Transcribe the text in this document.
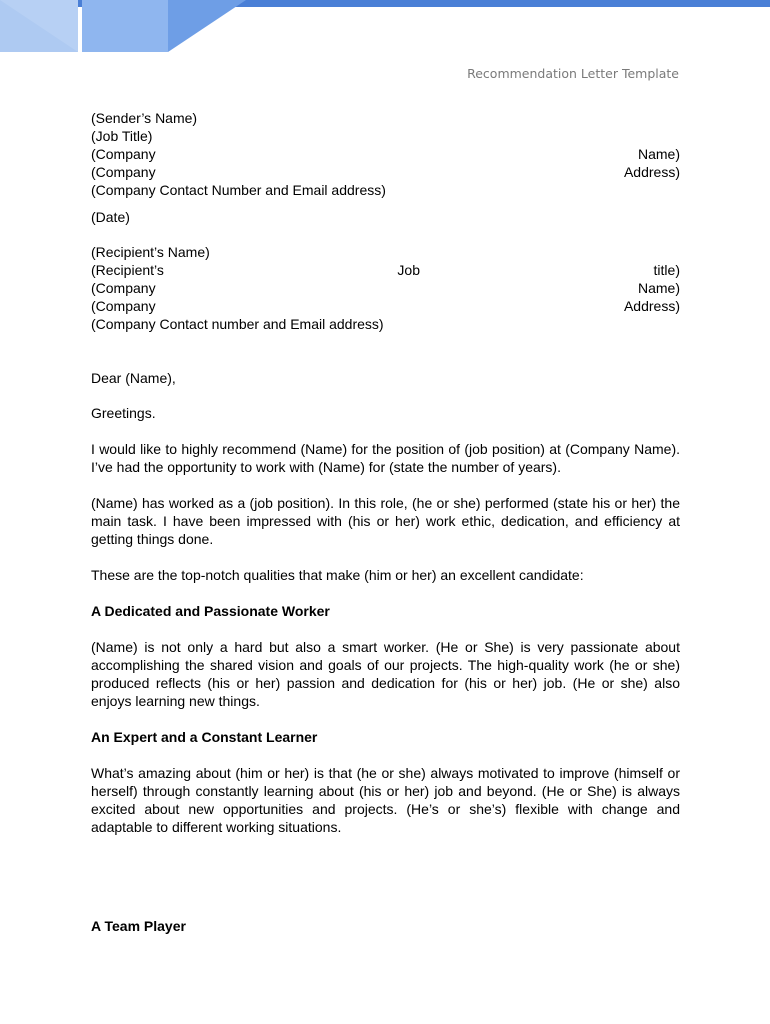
Recommendation Letter Template
(Sender’s Name)
(Job Title)
(Company	Name)
(Company	Address)
(Company Contact Number and Email address)
(Date)
(Recipient’s Name)
(Recipient’s	Job	title)
(Company	Name)
(Company	Address)
(Company Contact number and Email address)
Dear (Name),
Greetings.
I would like to highly recommend (Name) for the position of (job position) at (Company Name). I’ve had the opportunity to work with (Name) for (state the number of years).
(Name) has worked as a (job position). In this role, (he or she) performed (state his or her) the main task. I have been impressed with (his or her) work ethic, dedication, and efficiency at getting things done.
These are the top-notch qualities that make (him or her) an excellent candidate:
A Dedicated and Passionate Worker
(Name) is not only a hard but also a smart worker. (He or She) is very passionate about accomplishing the shared vision and goals of our projects. The high-quality work (he or she) produced reflects (his or her) passion and dedication for (his or her) job. (He or she) also enjoys learning new things.
An Expert and a Constant Learner
What’s amazing about (him or her) is that (he or she) always motivated to improve (himself or herself) through constantly learning about (his or her) job and beyond. (He or She) is always excited about new opportunities and projects. (He’s or she’s) flexible with change and adaptable to different working situations.
A Team Player
